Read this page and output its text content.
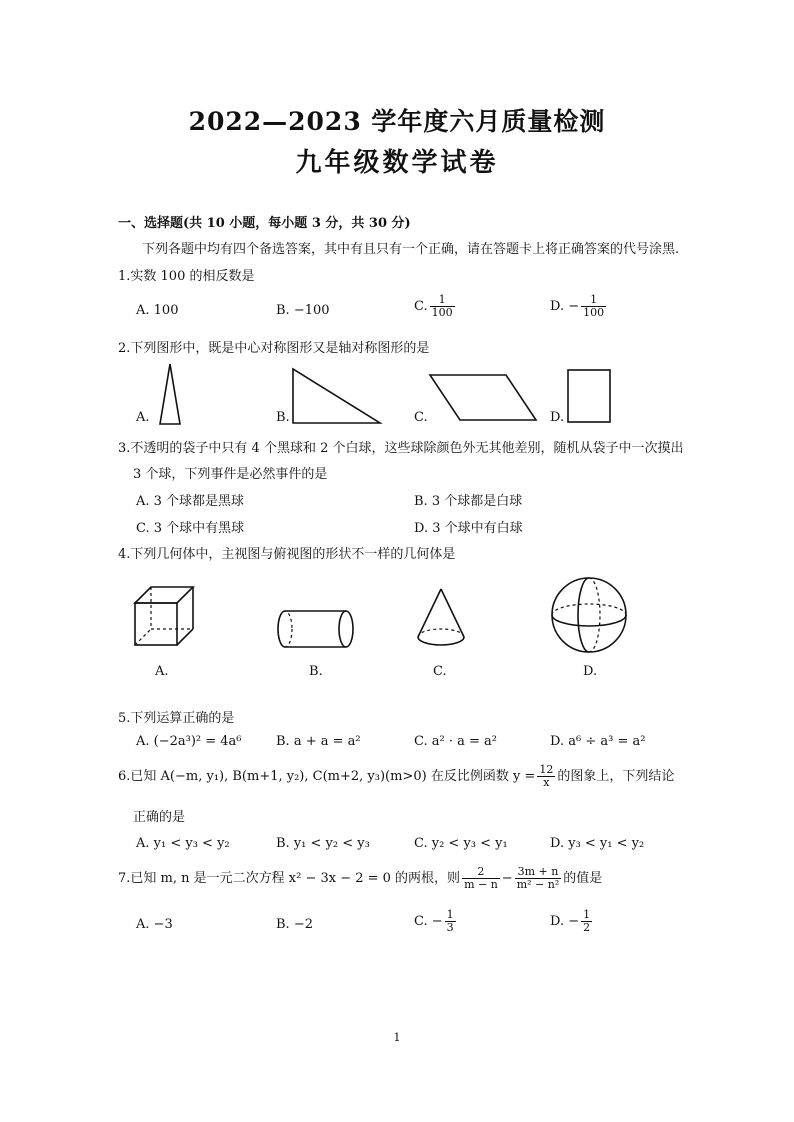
2022—2023 学年度六月质量检测
九年级数学试卷
一、选择题(共 10 小题，每小题 3 分，共 30 分)
下列各题中均有四个备选答案，其中有且只有一个正确，请在答题卡上将正确答案的代号涂黑.
1.实数 100 的相反数是
A. 100	B. −100	C. $\frac{1}{100}$	D. − $\frac{1}{100}$
2.下列图形中，既是中心对称图形又是轴对称图形的是
A.	B.	C.	D.
3.不透明的袋子中只有 4 个黑球和 2 个白球，这些球除颜色外无其他差别，随机从袋子中一次摸出
3 个球，下列事件是必然事件的是
A. 3 个球都是黑球	B. 3 个球都是白球
C. 3 个球中有黑球	D. 3 个球中有白球
4.下列几何体中，主视图与俯视图的形状不一样的几何体是
A.	B.	C.	D.
5.下列运算正确的是
A. (−2a³)² = 4a⁶	B. a + a = a²	C. a² · a = a²	D. a⁶ ÷ a³ = a²
6.已知 A(−m, y₁), B(m+1, y₂), C(m+2, y₃)(m>0) 在反比例函数 $y = \frac{12}{x}$ 的图象上，下列结论
正确的是
A. y₁ < y₃ < y₂	B. y₁ < y₂ < y₃	C. y₂ < y₃ < y₁	D. y₃ < y₁ < y₂
7.已知 m, n 是一元二次方程 x² − 3x − 2 = 0 的两根，则 $\frac{2}{m - n} - \frac{3m + n}{\text{m² − n²}}$ 的值是
A. −3	B. −2	C. − $\frac{1}{3}$	D. − $\frac{1}{2}$
1
